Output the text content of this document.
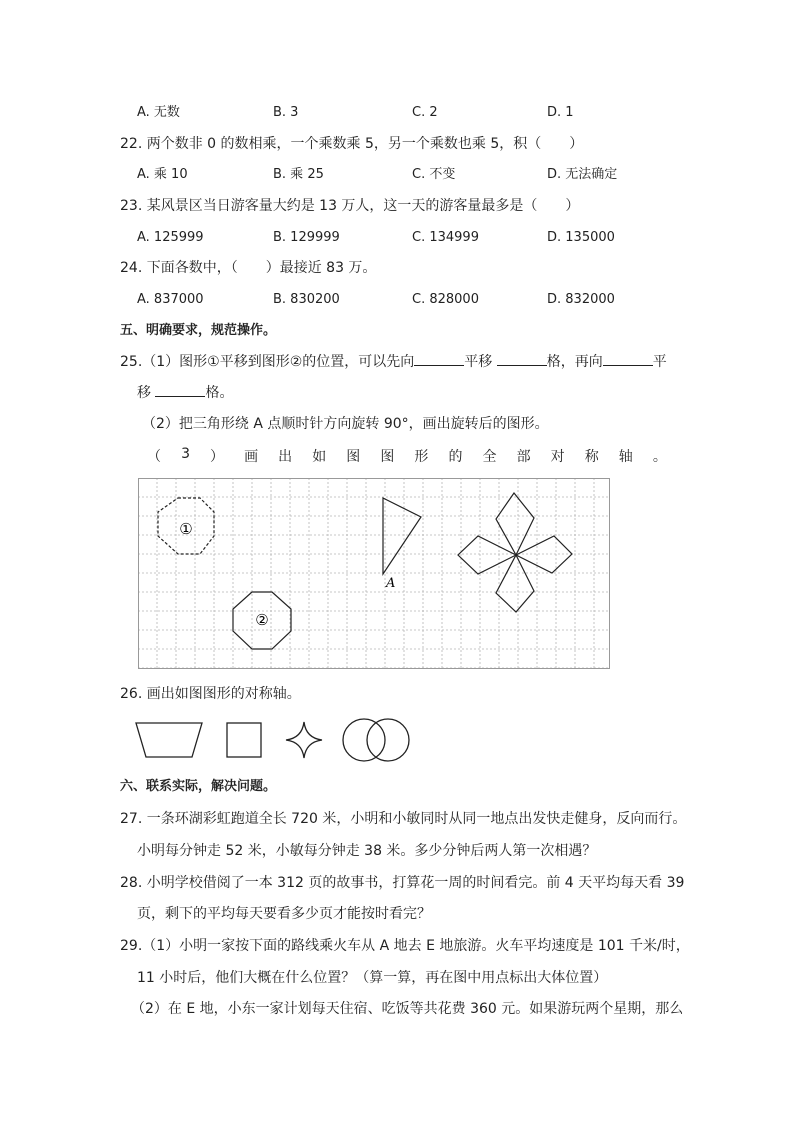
A. 无数	B. 3	C. 2	D. 1
22. 两个数非 0 的数相乘，一个乘数乘 5，另一个乘数也乘 5，积（　　）
A. 乘 10	B. 乘 25	C. 不变	D. 无法确定
23. 某风景区当日游客量大约是 13 万人，这一天的游客量最多是（　　）
A. 125999	B. 129999	C. 134999	D. 135000
24. 下面各数中，（　　）最接近 83 万。
A. 837000	B. 830200	C. 828000	D. 832000
五、明确要求，规范操作。
25.（1）图形①平移到图形②的位置，可以先向	平移	格，再向	平
移	格。
（2）把三角形绕 A 点顺时针方向旋转 90°，画出旋转后的图形。
（ 3 ） 画 出 如 图 图 形 的 全 部 对 称 轴 。
①
②
A
26. 画出如图图形的对称轴。
六、联系实际，解决问题。
27. 一条环湖彩虹跑道全长 720 米，小明和小敏同时从同一地点出发快走健身，反向而行。
小明每分钟走 52 米，小敏每分钟走 38 米。多少分钟后两人第一次相遇？
28. 小明学校借阅了一本 312 页的故事书，打算花一周的时间看完。前 4 天平均每天看 39
页，剩下的平均每天要看多少页才能按时看完？
29.（1）小明一家按下面的路线乘火车从 A 地去 E 地旅游。火车平均速度是 101 千米/时，
11 小时后，他们大概在什么位置？（算一算，再在图中用点标出大体位置）
（2）在 E 地，小东一家计划每天住宿、吃饭等共花费 360 元。如果游玩两个星期，那么
